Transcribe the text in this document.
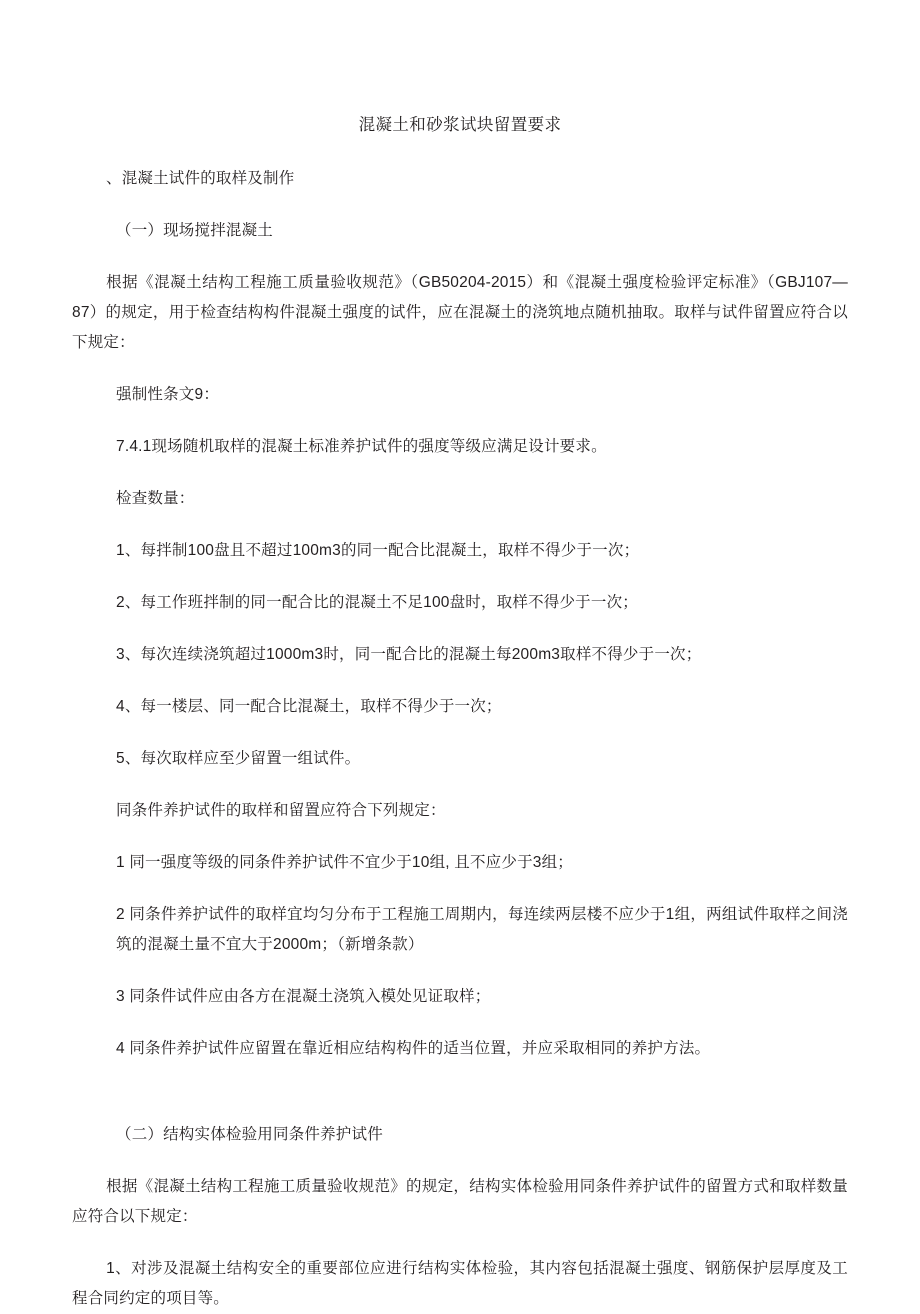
混凝土和砂浆试块留置要求

、混凝土试件的取样及制作

（一）现场搅拌混凝土

根据《混凝土结构工程施工质量验收规范》（GB50204-2015）和《混凝土强度检验评定标准》（GBJ107—87）的规定，用于检查结构构件混凝土强度的试件，应在混凝土的浇筑地点随机抽取。取样与试件留置应符合以下规定：

强制性条文9：

7.4.1现场随机取样的混凝土标准养护试件的强度等级应满足设计要求。

检查数量：

1、每拌制100盘且不超过100m3的同一配合比混凝土，取样不得少于一次；

2、每工作班拌制的同一配合比的混凝土不足100盘时，取样不得少于一次；

3、每次连续浇筑超过1000m3时，同一配合比的混凝土每200m3取样不得少于一次；

4、每一楼层、同一配合比混凝土，取样不得少于一次；

5、每次取样应至少留置一组试件。

同条件养护试件的取样和留置应符合下列规定：

1 同一强度等级的同条件养护试件不宜少于10组, 且不应少于3组；

2 同条件养护试件的取样宜均匀分布于工程施工周期内，每连续两层楼不应少于1组，两组试件取样之间浇筑的混凝土量不宜大于2000m；（新增条款）

3 同条件试件应由各方在混凝土浇筑入模处见证取样；

4 同条件养护试件应留置在靠近相应结构构件的适当位置，并应采取相同的养护方法。

（二）结构实体检验用同条件养护试件

根据《混凝土结构工程施工质量验收规范》的规定，结构实体检验用同条件养护试件的留置方式和取样数量应符合以下规定：

1、对涉及混凝土结构安全的重要部位应进行结构实体检验，其内容包括混凝土强度、钢筋保护层厚度及工程合同约定的项目等。
